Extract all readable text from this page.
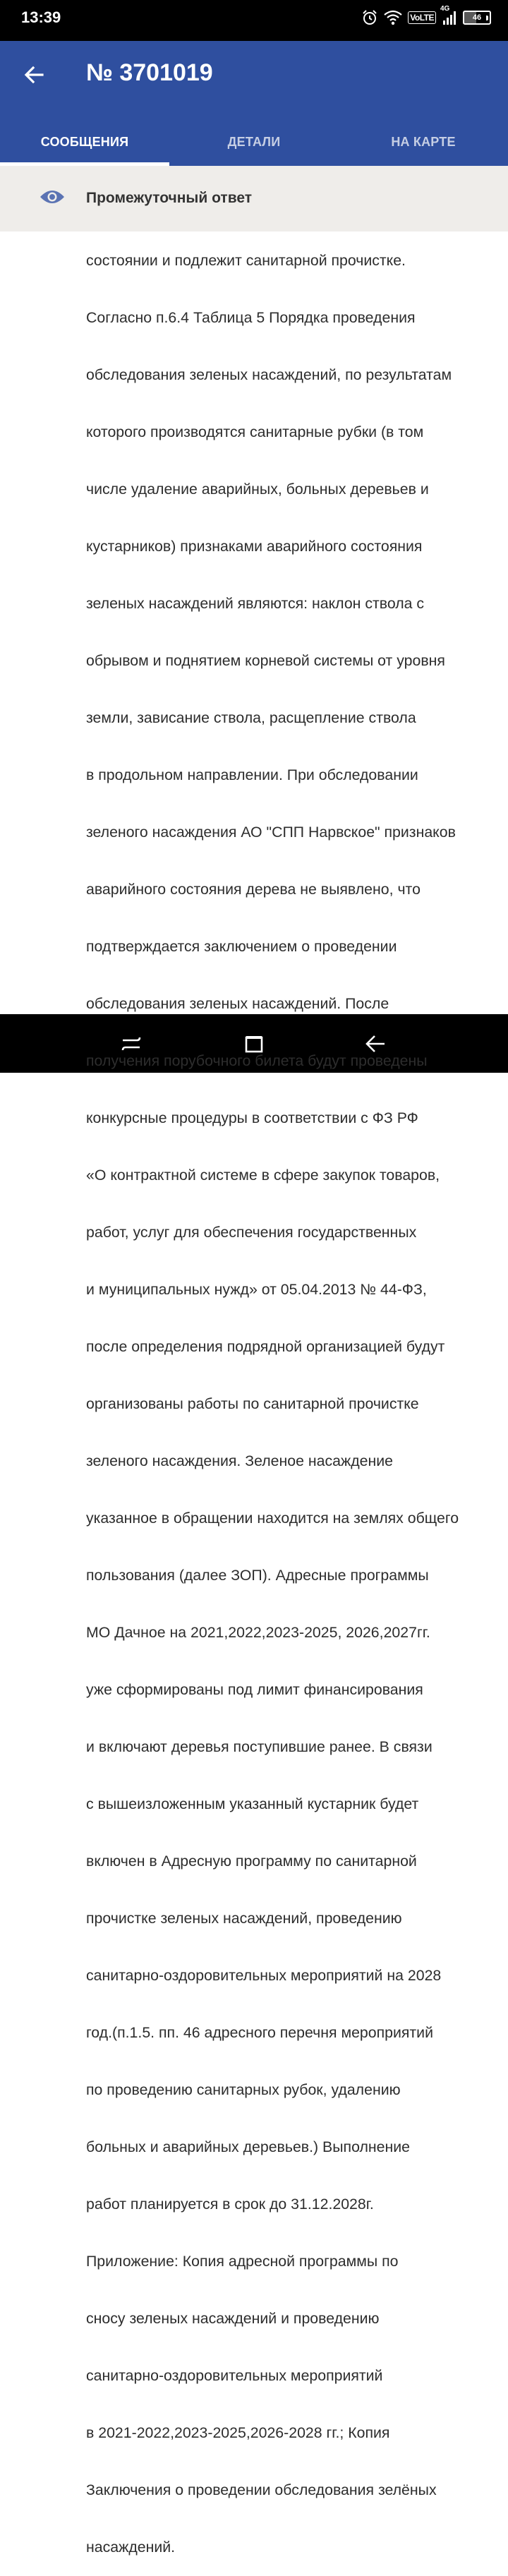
13:39	VoLTE
4G
46
№ 3701019
СООБЩЕНИЯ	ДЕТАЛИ	НА КАРТЕ
Промежуточный ответ

состоянии и подлежит санитарной прочистке.

Согласно п.6.4 Таблица 5 Порядка проведения

обследования зеленых насаждений, по результатам

которого производятся санитарные рубки (в том

числе удаление аварийных, больных деревьев и

кустарников) признаками аварийного состояния

зеленых насаждений являются: наклон ствола с

обрывом и поднятием корневой системы от уровня

земли, зависание ствола, расщепление ствола

в продольном направлении. При обследовании

зеленого насаждения АО "СПП Нарвское" признаков

аварийного состояния дерева не выявлено, что

подтверждается заключением о проведении

обследования зеленых насаждений. После

получения порубочного билета будут проведены

конкурсные процедуры в соответствии с ФЗ РФ

«О контрактной системе в сфере закупок товаров,

работ, услуг для обеспечения государственных

и муниципальных нужд» от 05.04.2013 № 44-ФЗ,

после определения подрядной организацией будут

организованы работы по санитарной прочистке

зеленого насаждения. Зеленое насаждение

указанное в обращении находится на землях общего

пользования (далее ЗОП). Адресные программы

МО Дачное на 2021,2022,2023-2025, 2026,2027гг.

уже сформированы под лимит финансирования

и включают деревья поступившие ранее. В связи

с вышеизложенным указанный кустарник будет

включен в Адресную программу по санитарной

прочистке зеленых насаждений, проведению

санитарно-оздоровительных мероприятий на 2028

год.(п.1.5. пп. 46 адресного перечня мероприятий

по проведению санитарных рубок, удалению

больных и аварийных деревьев.) Выполнение

работ планируется в срок до 31.12.2028г.

Приложение: Копия адресной программы по

сносу зеленых насаждений и проведению

санитарно-оздоровительных мероприятий

в 2021-2022,2023-2025,2026-2028 гг.; Копия

Заключения о проведении обследования зелёных

насаждений.
